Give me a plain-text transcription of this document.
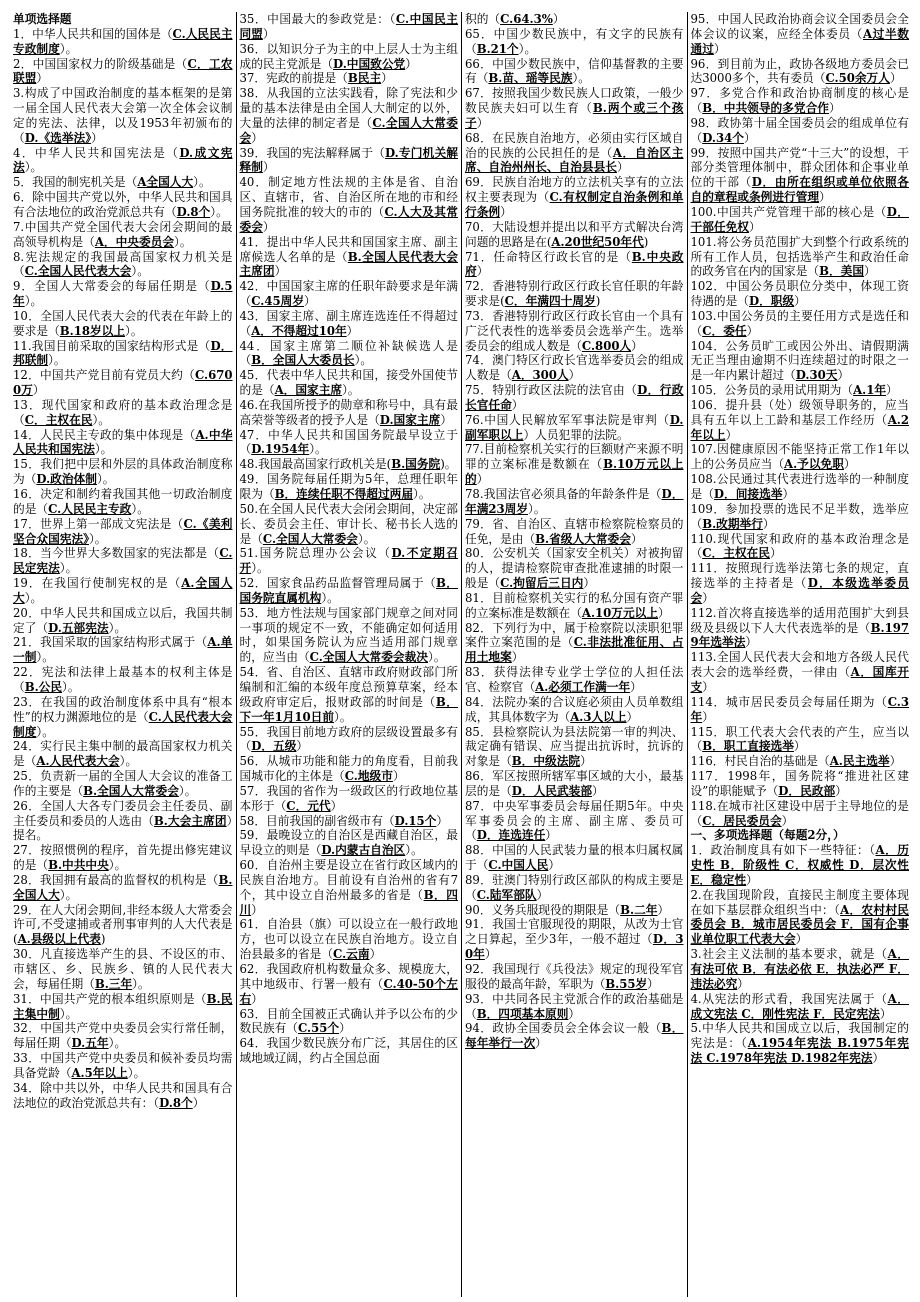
单项选择题
1．中华人民共和国的国体是（C.人民民主专政制度）。
2．中国国家权力的阶级基础是（C．工农联盟）
3.构成了中国政治制度的基本框架的是第一届全国人民代表大会第一次全体会议制定的宪法、法律，以及1953年初颁布的（D.《选举法》）
4．中华人民共和国宪法是（D.成文宪法）。
5．我国的制宪机关是（A全国人大）。
6．除中国共产党以外，中华人民共和国具有合法地位的政治党派总共有（D.8个）。
7.中国共产党全国代表大会闭会期间的最高领导机构是（A．中央委员会）。
8.宪法规定的我国最高国家权力机关是（C.全国人民代表大会）。
9．全国人大常委会的每届任期是（D.5年）。
10．全国人民代表大会的代表在年龄上的要求是（B.18岁以上）。
11.我国目前采取的国家结构形式是（D．邦联制）。
12．中国共产党目前有党员大约（C.6700万）
13．现代国家和政府的基本政治理念是（C．主权在民）。
14．人民民主专政的集中体现是（A.中华人民共和国宪法）。
15．我们把中层和外层的具体政治制度称为（D.政治体制）。
16．决定和制约着我国其他一切政治制度的是（C.人民民主专政）。
17．世界上第一部成文宪法是（C.《美利坚合众国宪法》）。
18．当今世界大多数国家的宪法都是（C.民定宪法）。
19．在我国行使制宪权的是（A.全国人大）。
20．中华人民共和国成立以后，我国共制定了（D.五部宪法）。
21．我国采取的国家结构形式属于（A.单一制）。
22．宪法和法律上最基本的权利主体是（B.公民）。
23．在我国的政治制度体系中具有“根本性”的权力渊源地位的是（C.人民代表大会制度）。
24．实行民主集中制的最高国家权力机关是（A.人民代表大会）。
25．负责新一届的全国人大会议的准备工作的主要是（B.全国人大常委会）。
26．全国人大各专门委员会主任委员、副主任委员和委员的人选由（B.大会主席团）提名。
27．按照惯例的程序，首先提出修宪建议的是（B.中共中央）。
28．我国拥有最高的监督权的机构是（B.全国人大）。
29．在人大闭会期间,非经本级人大常委会许可,不受逮捕或者刑事审判的人大代表是(A.县级以上代表)
30．凡直接选举产生的县、不设区的市、市辖区、乡、民族乡、镇的人民代表大会，每届任期（B.三年）。
31．中国共产党的根本组织原则是（B.民主集中制）。
32．中国共产党中央委员会实行常任制，每届任期（D.五年）。
33．中国共产党中央委员和候补委员均需具备党龄（A.5年以上）。
34．除中共以外，中华人民共和国具有合法地位的政治党派总共有：（D.8个）
35．中国最大的参政党是：（C.中国民主同盟）
36．以知识分子为主的中上层人士为主组成的民主党派是（D.中国致公党）
37．宪政的前提是（B民主）
38．从我国的立法实践看，除了宪法和少量的基本法律是由全国人大制定的以外，大量的法律的制定者是（C.全国人大常委会）
39．我国的宪法解释属于（D.专门机关解释制）
40．制定地方性法规的主体是省、自治区、直辖市，省、自治区所在地的市和经国务院批准的较大的市的（C.人大及其常委会）
41．提出中华人民共和国国家主席、副主席候选人名单的是（B.全国人民代表大会主席团）
42．中国国家主席的任职年龄要求是年满（C.45周岁）
43．国家主席、副主席连选连任不得超过（A．不得超过10年）
44．国家主席第二顺位补缺候选人是（B．全国人大委员长）。
45．代表中华人民共和国，接受外国使节的是（A．国家主席）。
46.在我国所授予的勋章和称号中，具有最高荣誉等级者的授予人是（D.国家主席）
47．中华人民共和国国务院最早设立于（D.1954年）。
48.我国最高国家行政机关是(B.国务院)。
49．国务院每届任期为5年，总理任职年限为（B．连续任职不得超过两届）。
50.在全国人民代表大会闭会期间，决定部长、委员会主任、审计长、秘书长人选的是（C.全国人大常委会）。
51.国务院总理办公会议（D.不定期召开）。
52．国家食品药品监督管理局属于（B．国务院直属机构）。
53．地方性法规与国家部门规章之间对同一事项的规定不一致，不能确定如何适用时，如果国务院认为应当适用部门规章的，应当由（C.全国人大常委会裁决）。
54．省、自治区、直辖市政府财政部门所编制和汇编的本级年度总预算草案，经本级政府审定后，报财政部的时间是（B．下一年1月10日前）。
55．我国目前地方政府的层级设置最多有（D．五级）
56．从城市功能和能力的角度看，目前我国城市化的主体是（C.地级市）
57．我国的省作为一级政区的行政地位基本形于（C．元代）
58．目前我国的副省级市有（D.15个）
59．最晚设立的自治区是西藏自治区，最早设立的则是（D.内蒙古自治区）。
60．自治州主要是设立在省行政区域内的民族自治地方。目前设有自治州的省有7个，其中设立自治州最多的省是（B．四川）
61．自治县（旗）可以设立在一般行政地方，也可以设立在民族自治地方。设立自治县最多的省是（C.云南）
62．我国政府机构数量众多、规模庞大，其中地级市、行署一般有（C.40-50个左右）
63．目前全国被正式确认并予以公布的少数民族有（C.55个）
64．我国少数民族分布广泛，其居住的区域地域辽阔，约占全国总面
积的（C.64.3%）
65．中国少数民族中，有文字的民族有（B.21个）。
66．中国少数民族中，信仰基督教的主要有（B.苗、瑶等民族）。
67．按照我国少数民族人口政策，一般少数民族夫妇可以生育（B.两个或三个孩子）
68．在民族自治地方，必须由实行区域自治的民族的公民担任的是（A．自治区主席、自治州州长、自治县县长）
69．民族自治地方的立法机关享有的立法权主要表现为（C.有权制定自治条例和单行条例）
70．大陆设想并提出以和平方式解决台湾问题的思路是在(A.20世纪50年代)
71．任命特区行政长官的是（B.中央政府）
72．香港特别行政区行政长官任职的年龄要求是(C．年满四十周岁)
73．香港特别行政区行政长官由一个具有广泛代表性的选举委员会选举产生。选举委员会的组成人数是（C.800人）
74．澳门特区行政长官选举委员会的组成人数是（A．300人）
75．特别行政区法院的法官由（D．行政长官任命）
76.中国人民解放军军事法院是审判（D.副军职以上）人员犯罪的法院。
77.目前检察机关实行的巨额财产来源不明罪的立案标准是数额在（B.10万元以上的）
78.我国法官必须具备的年龄条件是（D．年满23周岁）。
79．省、自治区、直辖市检察院检察员的任免，是由（B.省级人大常委会）
80．公安机关（国家安全机关）对被拘留的人，提请检察院审查批准逮捕的时限一般是（C.拘留后三日内）
81．目前检察机关实行的私分国有资产罪的立案标准是数额在（A.10万元以上）
82．下列行为中，属于检察院以渎职犯罪案件立案范围的是（C.非法批准征用、占用土地案）
83．获得法律专业学士学位的人担任法官、检察官（A.必须工作满一年）
84．法院办案的合议庭必须由人员单数组成，其具体数字为（A.3人以上）
85．县检察院认为县法院第一审的判决、裁定确有错误、应当提出抗诉时，抗诉的对象是（B．中级法院）
86．军区按照所辖军事区域的大小，最基层的是（D．人民武装部）
87．中央军事委员会每届任期5年。中央军事委员会的主席、副主席、委员可（D．连选连任）
88．中国的人民武装力量的根本归属权属于（C.中国人民）
89．驻澳门特别行政区部队的构成主要是（C.陆军部队）
90．义务兵服现役的期限是（B.二年）
91．我国士官服现役的期限，从改为士官之日算起，至少3年，一般不超过（D．30年）
92．我国现行《兵役法》规定的现役军官服役的最高年龄，军职为（B.55岁）
93．中共同各民主党派合作的政治基础是（B．四项基本原则）
94．政协全国委员会全体会议一般（B．每年举行一次）
95．中国人民政治协商会议全国委员会全体会议的议案，应经全体委员（A过半数通过）
96．到目前为止，政协各级地方委员会已达3000多个，共有委员（C.50余万人）
97．多党合作和政治协商制度的核心是（B．中共领导的多党合作）
98．政协第十届全国委员会的组成单位有（D.34个）
99．按照中国共产党“十三大”的设想，干部分类管理体制中，群众团体和企事业单位的干部（D．由所在组织或单位依照各自的章程或条例进行管理）
100.中国共产党管理干部的核心是（D．干部任免权）
101.将公务员范围扩大到整个行政系统的所有工作人员，包括选举产生和政治任命的政务官在内的国家是（B．美国）
102．中国公务员职位分类中，体现工资待遇的是（D．职级）
103.中国公务员的主要任用方式是选任和（C．委任）
104．公务员旷工或因公外出、请假期满无正当理由逾期不归连续超过的时限之一是一年内累计超过（D.30天）
105．公务员的录用试用期为（A.1年）
106．提升县（处）级领导职务的，应当具有五年以上工龄和基层工作经历（A.2年以上）
107.因健康原因不能坚持正常工作1年以上的公务员应当（A.予以免职）
108.公民通过其代表进行选举的一种制度是（D．间接选举）
109．参加投票的选民不足半数，选举应（B.改期举行）
110.现代国家和政府的基本政治理念是（C．主权在民）
111．按照现行选举法第七条的规定，直接选举的主持者是（D．本级选举委员会）
112.首次将直接选举的适用范围扩大到县级及县级以下人大代表选举的是（B.1979年选举法）
113.全国人民代表大会和地方各级人民代表大会的选举经费，一律由（A．国库开支）
114．城市居民委员会每届任期为（C.3年）
115．职工代表大会代表的产生，应当以（B．职工直接选举）
116．村民自治的基础是（A.民主选举）
117．1998年，国务院将“推进社区建设”的职能赋予（D．民政部）
118.在城市社区建设中居于主导地位的是（C．居民委员会）
一、多项选择题（每题2分，）
1．政治制度具有如下一些特征：（A．历史性 B．阶级性 C．权威性 D．层次性 E．稳定性）
2.在我国现阶段，直接民主制度主要体现在如下基层群众组织当中：（A．农村村民委员会 B．城市居民委员会 F．国有企事业单位职工代表大会）
3.社会主义法制的基本要求，就是（A．有法可依 B．有法必依 E．执法必严 F．违法必究）
4.从宪法的形式看，我国宪法属于（A．成文宪法 C．刚性宪法 F．民定宪法）
5.中华人民共和国成立以后，我国制定的宪法是：（A.1954年宪法 B.1975年宪法 C.1978年宪法 D.1982年宪法）
